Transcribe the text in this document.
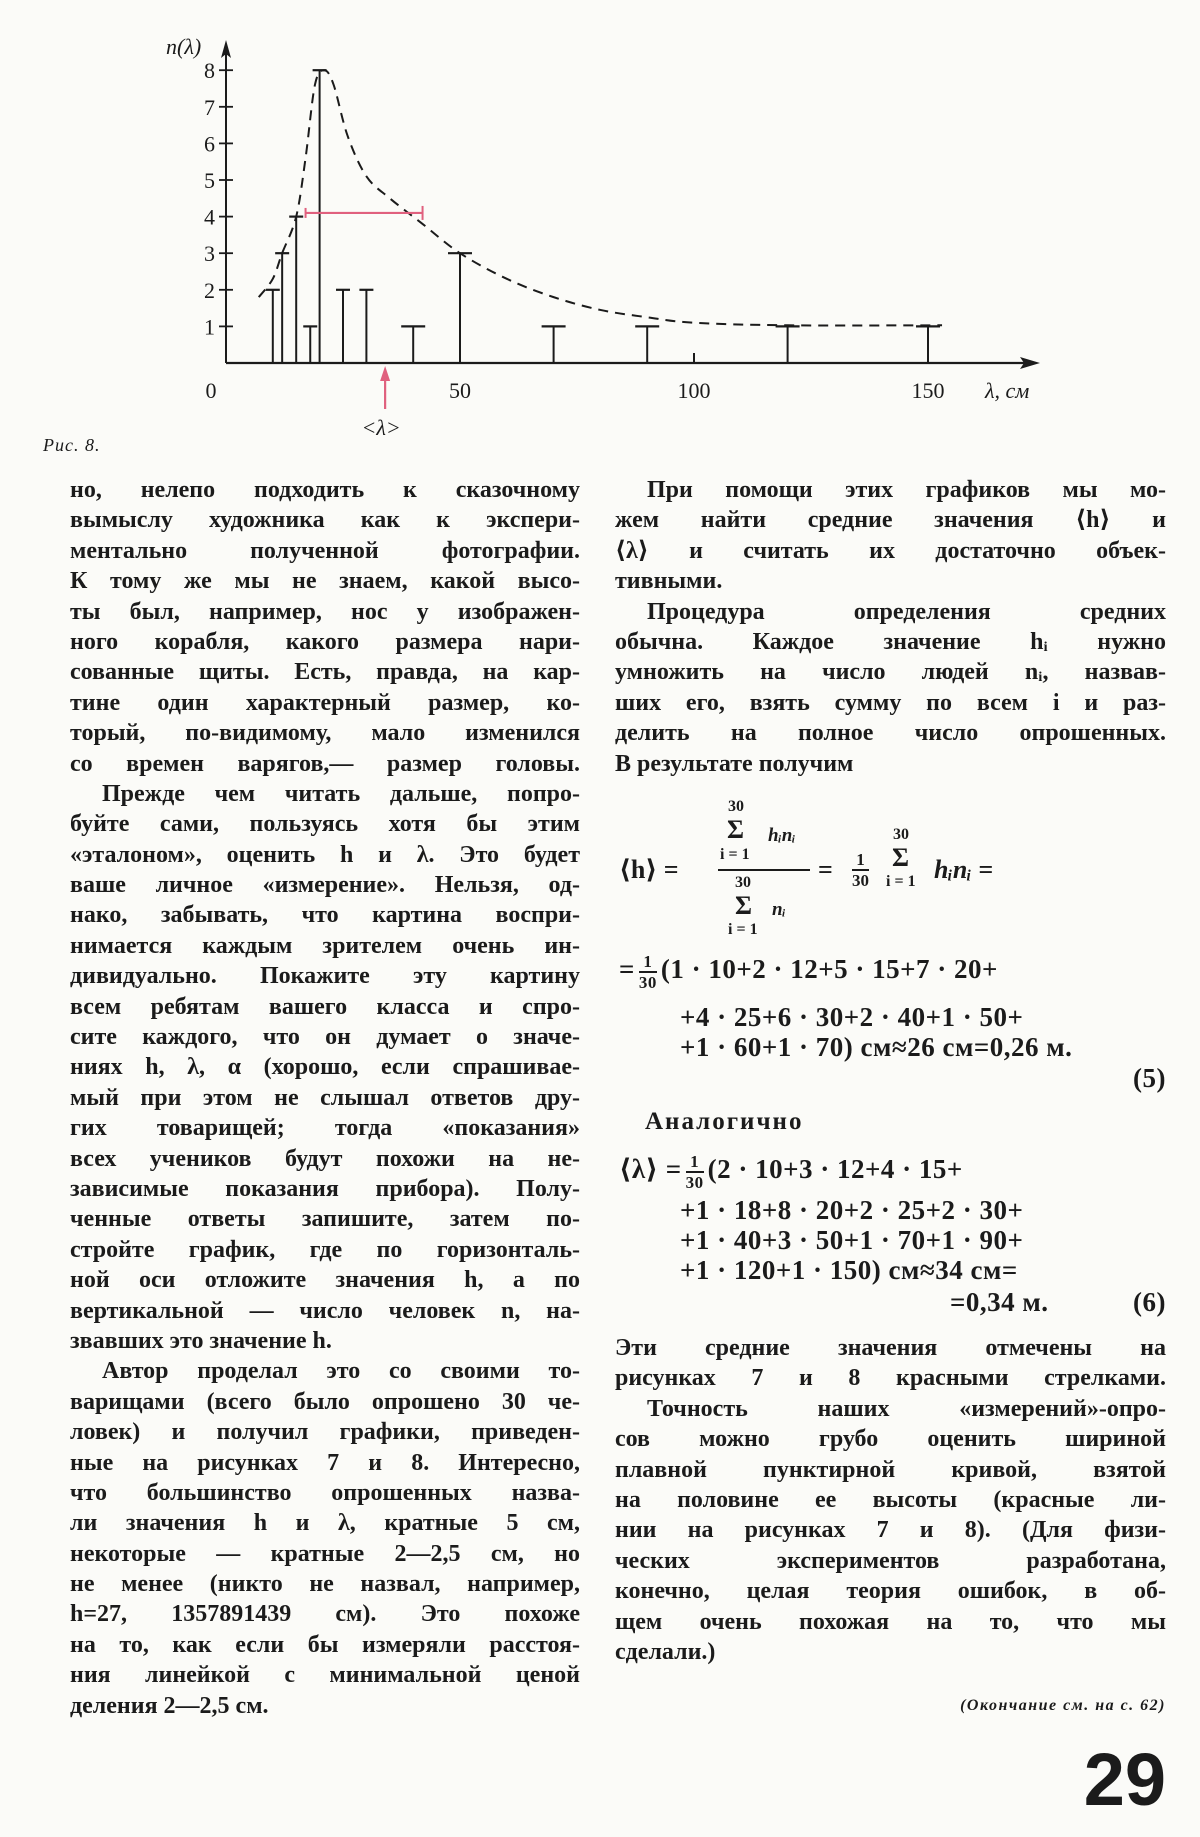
1
2
3
4
5
6
7
8
0	50	100	150
n(λ)
λ, см
<λ>
Рис. 8.
но, нелепо подходить к сказочному
вымыслу художника как к экспери-
ментально полученной фотографии.
К тому же мы не знаем, какой высо-
ты был, например, нос у изображен-
ного корабля, какого размера нари-
сованные щиты. Есть, правда, на кар-
тине один характерный размер, ко-
торый, по-видимому, мало изменился
со времен варягов,— размер головы.
Прежде чем читать дальше, попро-
буйте сами, пользуясь хотя бы этим
«эталоном», оценить h и λ. Это будет
ваше личное «измерение». Нельзя, од-
нако, забывать, что картина воспри-
нимается каждым зрителем очень ин-
дивидуально. Покажите эту картину
всем ребятам вашего класса и спро-
сите каждого, что он думает о значе-
ниях h, λ, α (хорошо, если спрашивае-
мый при этом не слышал ответов дру-
гих товарищей; тогда «показания»
всех учеников будут похожи на не-
зависимые показания прибора). Полу-
ченные ответы запишите, затем по-
стройте график, где по горизонталь-
ной оси отложите значения h, а по
вертикальной — число человек n, на-
звавших это значение h.
Автор проделал это со своими то-
варищами (всего было опрошено 30 че-
ловек) и получил графики, приведен-
ные на рисунках 7 и 8. Интересно,
что большинство опрошенных назва-
ли значения h и λ, кратные 5 см,
некоторые — кратные 2—2,5 см, но
не менее (никто не назвал, например,
h=27, 1357891439 см). Это похоже
на то, как если бы измеряли расстоя-
ния линейкой с минимальной ценой
деления 2—2,5 см.
При помощи этих графиков мы мо-
жем найти средние значения ⟨h⟩ и
⟨λ⟩ и считать их достаточно объек-
тивными.
Процедура определения средних
обычна. Каждое значение hᵢ нужно
умножить на число людей nᵢ, назвав-
ших его, взять сумму по всем i и раз-
делить на полное число опрошенных.
В результате получим
⟨h⟩ =
30
Σ
i = 1
hᵢnᵢ
30
Σ
i = 1
nᵢ
= $\frac{1}{30}$
30
Σ
i = 1 hᵢnᵢ =
= $\frac{1}{30} (1 \cdot 10+2 \cdot 12+5 \cdot 15+7 \cdot 20+$
+4 · 25+6 · 30+2 · 40+1 · 50+
+1 · 60+1 · 70) см≈26 см=0,26 м.
(5)
Аналогично
⟨λ⟩ = $\frac{1}{30} (2 \cdot 10+3 \cdot 12+4 \cdot 15+$
+1 · 18+8 · 20+2 · 25+2 · 30+
+1 · 40+3 · 50+1 · 70+1 · 90+
+1 · 120+1 · 150) см≈34 см=
=0,34 м.	(6)
Эти средние значения отмечены на
рисунках 7 и 8 красными стрелками.
Точность наших «измерений»-опро-
сов можно грубо оценить шириной
плавной пунктирной кривой, взятой
на половине ее высоты (красные ли-
нии на рисунках 7 и 8). (Для физи-
ческих экспериментов разработана,
конечно, целая теория ошибок, в об-
щем очень похожая на то, что мы
сделали.)
(Окончание см. на с. 62)
29
